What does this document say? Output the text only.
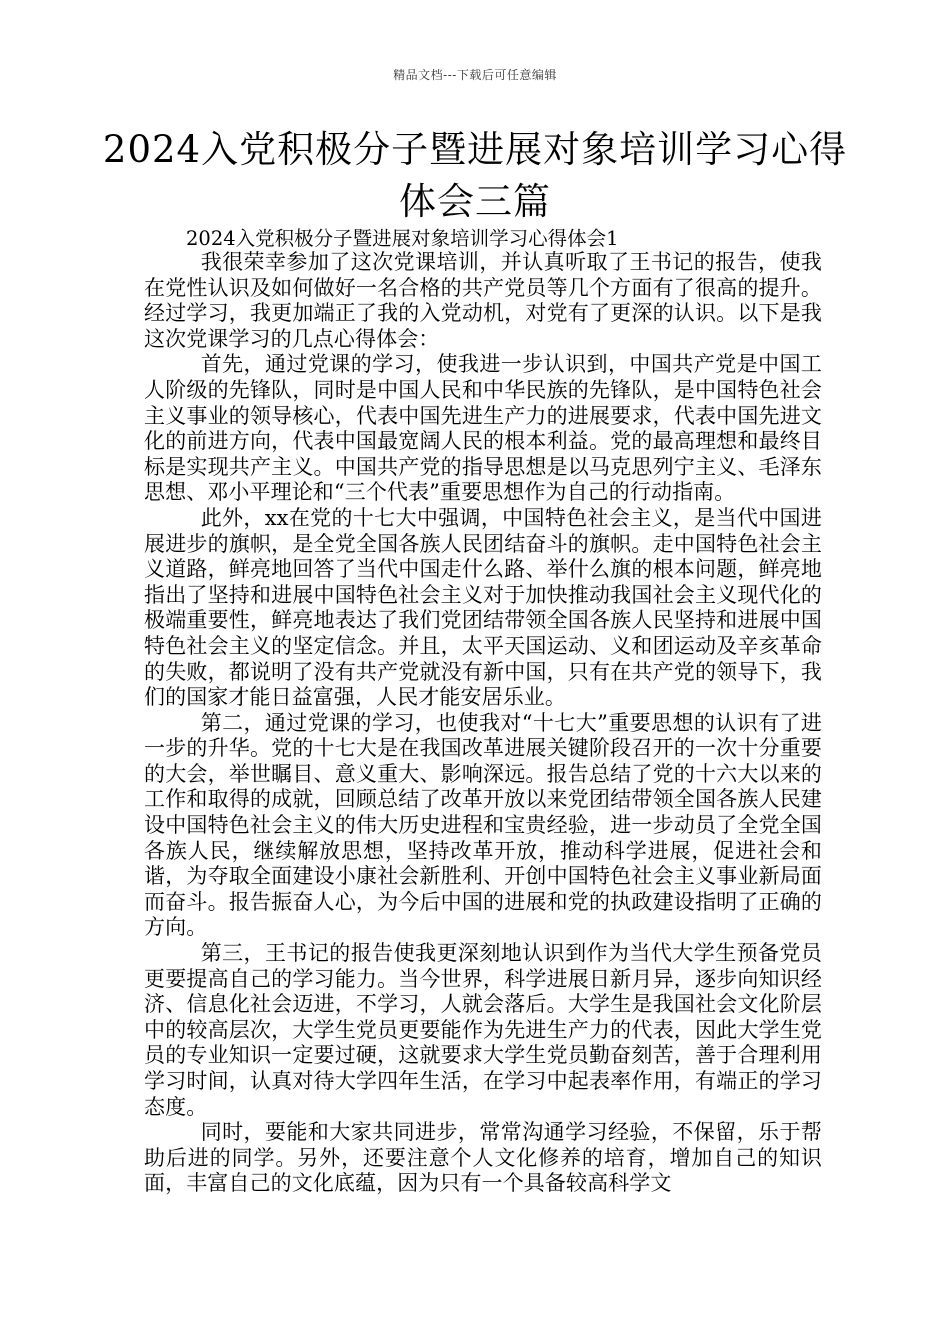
精品文档---下载后可任意编辑
2024入党积极分子暨进展对象培训学习心得体会三篇
2024入党积极分子暨进展对象培训学习心得体会1

我很荣幸参加了这次党课培训，并认真听取了王书记的报告，使我在党性认识及如何做好一名合格的共产党员等几个方面有了很高的提升。经过学习，我更加端正了我的入党动机，对党有了更深的认识。以下是我这次党课学习的几点心得体会：

首先，通过党课的学习，使我进一步认识到，中国共产党是中国工人阶级的先锋队，同时是中国人民和中华民族的先锋队，是中国特色社会主义事业的领导核心，代表中国先进生产力的进展要求，代表中国先进文化的前进方向，代表中国最宽阔人民的根本利益。党的最高理想和最终目标是实现共产主义。中国共产党的指导思想是以马克思列宁主义、毛泽东思想、邓小平理论和“三个代表”重要思想作为自己的行动指南。

此外，xx在党的十七大中强调，中国特色社会主义，是当代中国进展进步的旗帜，是全党全国各族人民团结奋斗的旗帜。走中国特色社会主义道路，鲜亮地回答了当代中国走什么路、举什么旗的根本问题，鲜亮地指出了坚持和进展中国特色社会主义对于加快推动我国社会主义现代化的极端重要性，鲜亮地表达了我们党团结带领全国各族人民坚持和进展中国特色社会主义的坚定信念。并且，太平天国运动、义和团运动及辛亥革命的失败，都说明了没有共产党就没有新中国，只有在共产党的领导下，我们的国家才能日益富强，人民才能安居乐业。

第二，通过党课的学习，也使我对“十七大”重要思想的认识有了进一步的升华。党的十七大是在我国改革进展关键阶段召开的一次十分重要的大会，举世瞩目、意义重大、影响深远。报告总结了党的十六大以来的工作和取得的成就，回顾总结了改革开放以来党团结带领全国各族人民建设中国特色社会主义的伟大历史进程和宝贵经验，进一步动员了全党全国各族人民，继续解放思想，坚持改革开放，推动科学进展，促进社会和谐，为夺取全面建设小康社会新胜利、开创中国特色社会主义事业新局面而奋斗。报告振奋人心，为今后中国的进展和党的执政建设指明了正确的方向。

第三，王书记的报告使我更深刻地认识到作为当代大学生预备党员更要提高自己的学习能力。当今世界，科学进展日新月异，逐步向知识经济、信息化社会迈进，不学习，人就会落后。大学生是我国社会文化阶层中的较高层次，大学生党员更要能作为先进生产力的代表，因此大学生党员的专业知识一定要过硬，这就要求大学生党员勤奋刻苦，善于合理利用学习时间，认真对待大学四年生活，在学习中起表率作用，有端正的学习态度。

同时，要能和大家共同进步，常常沟通学习经验，不保留，乐于帮助后进的同学。另外，还要注意个人文化修养的培育，增加自己的知识面，丰富自己的文化底蕴，因为只有一个具备较高科学文
